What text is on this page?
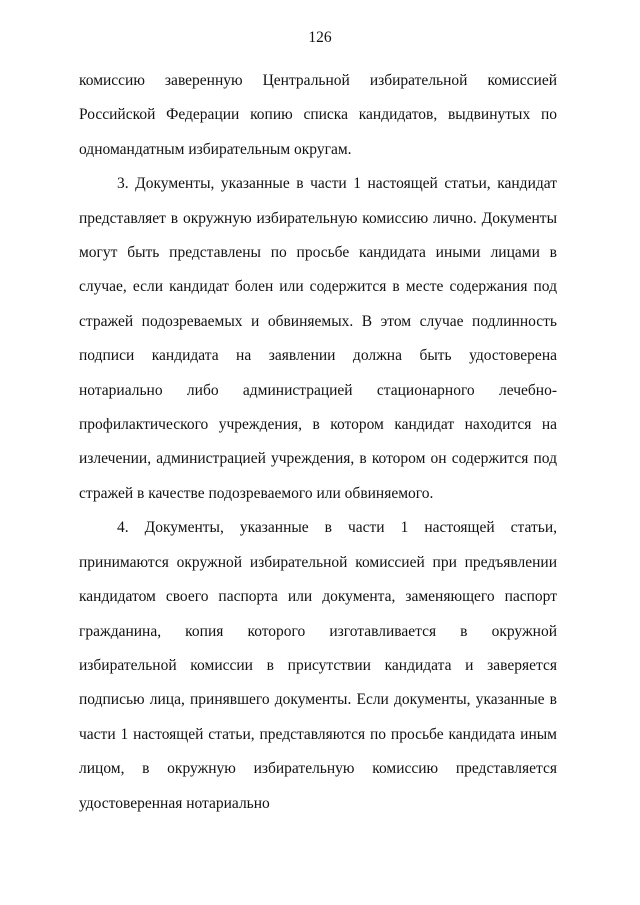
126

комиссию заверенную Центральной избирательной комиссией Российской Федерации копию списка кандидатов, выдвинутых по одномандатным избирательным округам.

3. Документы, указанные в части 1 настоящей статьи, кандидат представляет в окружную избирательную комиссию лично. Документы могут быть представлены по просьбе кандидата иными лицами в случае, если кандидат болен или содержится в месте содержания под стражей подозреваемых и обвиняемых. В этом случае подлинность подписи кандидата на заявлении должна быть удостоверена нотариально либо администрацией стационарного лечебно-профилактического учреждения, в котором кандидат находится на излечении, администрацией учреждения, в котором он содержится под стражей в качестве подозреваемого или обвиняемого.

4. Документы, указанные в части 1 настоящей статьи, принимаются окружной избирательной комиссией при предъявлении кандидатом своего паспорта или документа, заменяющего паспорт гражданина, копия которого изготавливается в окружной избирательной комиссии в присутствии кандидата и заверяется подписью лица, принявшего документы. Если документы, указанные в части 1 настоящей статьи, представляются по просьбе кандидата иным лицом, в окружную избирательную комиссию представляется удостоверенная нотариально
